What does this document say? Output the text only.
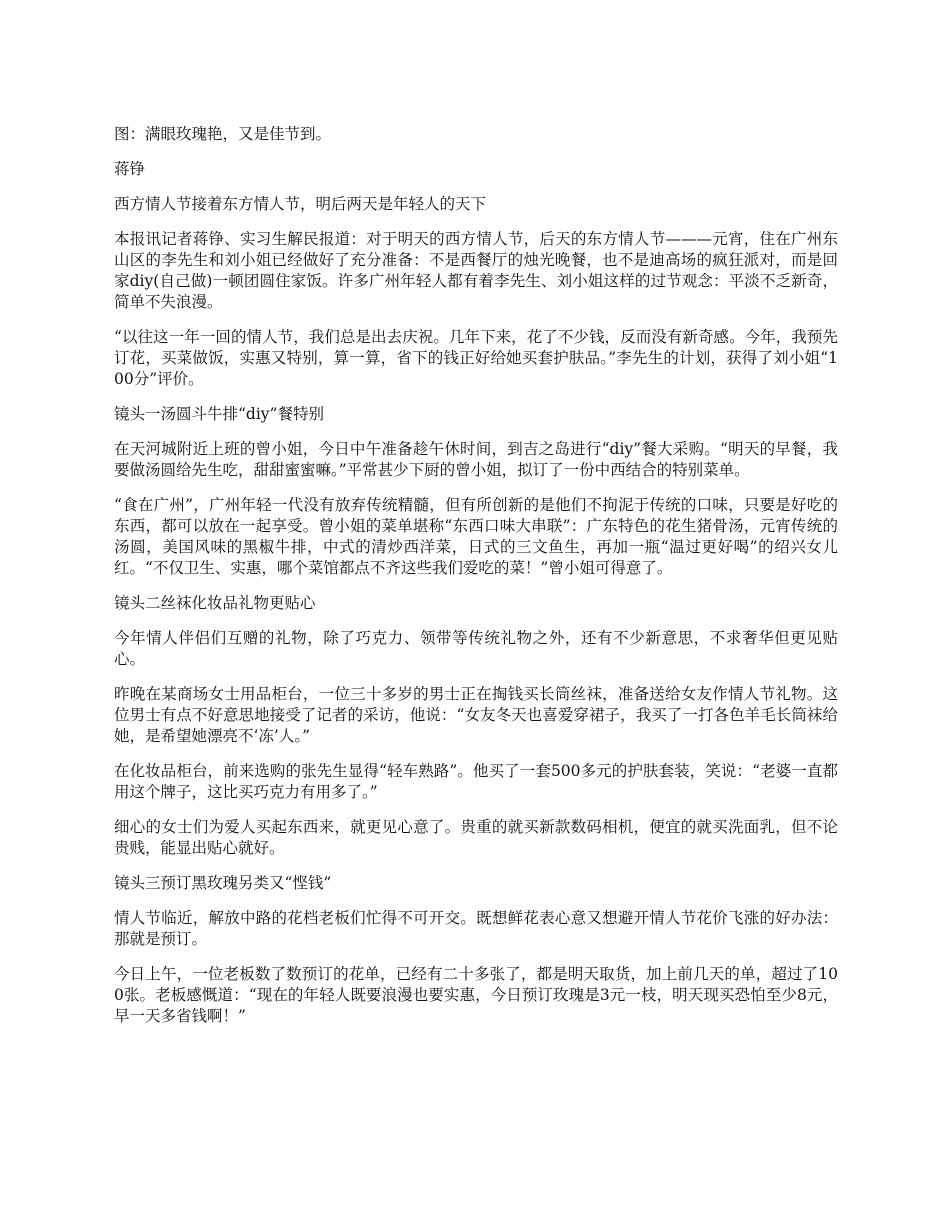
图：满眼玫瑰艳，又是佳节到。

蒋铮

西方情人节接着东方情人节，明后两天是年轻人的天下

本报讯记者蒋铮、实习生解民报道：对于明天的西方情人节，后天的东方情人节———元宵，住在广州东山区的李先生和刘小姐已经做好了充分准备：不是西餐厅的烛光晚餐，也不是迪高场的疯狂派对，而是回家diy(自己做)一顿团圆住家饭。许多广州年轻人都有着李先生、刘小姐这样的过节观念：平淡不乏新奇，简单不失浪漫。

“以往这一年一回的情人节，我们总是出去庆祝。几年下来，花了不少钱，反而没有新奇感。今年，我预先订花，买菜做饭，实惠又特别，算一算，省下的钱正好给她买套护肤品。”李先生的计划，获得了刘小姐“100分”评价。

镜头一汤圆斗牛排“diy”餐特别

在天河城附近上班的曾小姐，今日中午准备趁午休时间，到吉之岛进行“diy”餐大采购。“明天的早餐，我要做汤圆给先生吃，甜甜蜜蜜嘛。”平常甚少下厨的曾小姐，拟订了一份中西结合的特别菜单。

“食在广州”，广州年轻一代没有放弃传统精髓，但有所创新的是他们不拘泥于传统的口味，只要是好吃的东西，都可以放在一起享受。曾小姐的菜单堪称“东西口味大串联”：广东特色的花生猪骨汤，元宵传统的汤圆，美国风味的黑椒牛排，中式的清炒西洋菜，日式的三文鱼生，再加一瓶“温过更好喝”的绍兴女儿红。“不仅卫生、实惠，哪个菜馆都点不齐这些我们爱吃的菜！”曾小姐可得意了。

镜头二丝袜化妆品礼物更贴心

今年情人伴侣们互赠的礼物，除了巧克力、领带等传统礼物之外，还有不少新意思，不求奢华但更见贴心。

昨晚在某商场女士用品柜台，一位三十多岁的男士正在掏钱买长筒丝袜，准备送给女友作情人节礼物。这位男士有点不好意思地接受了记者的采访，他说：“女友冬天也喜爱穿裙子，我买了一打各色羊毛长筒袜给她，是希望她漂亮不‘冻’人。”

在化妆品柜台，前来选购的张先生显得“轻车熟路”。他买了一套500多元的护肤套装，笑说：“老婆一直都用这个牌子，这比买巧克力有用多了。”

细心的女士们为爱人买起东西来，就更见心意了。贵重的就买新款数码相机，便宜的就买洗面乳，但不论贵贱，能显出贴心就好。

镜头三预订黑玫瑰另类又“悭钱”

情人节临近，解放中路的花档老板们忙得不可开交。既想鲜花表心意又想避开情人节花价飞涨的好办法：那就是预订。

今日上午，一位老板数了数预订的花单，已经有二十多张了，都是明天取货，加上前几天的单，超过了100张。老板感慨道：“现在的年轻人既要浪漫也要实惠，今日预订玫瑰是3元一枝，明天现买恐怕至少8元，早一天多省钱啊！”
